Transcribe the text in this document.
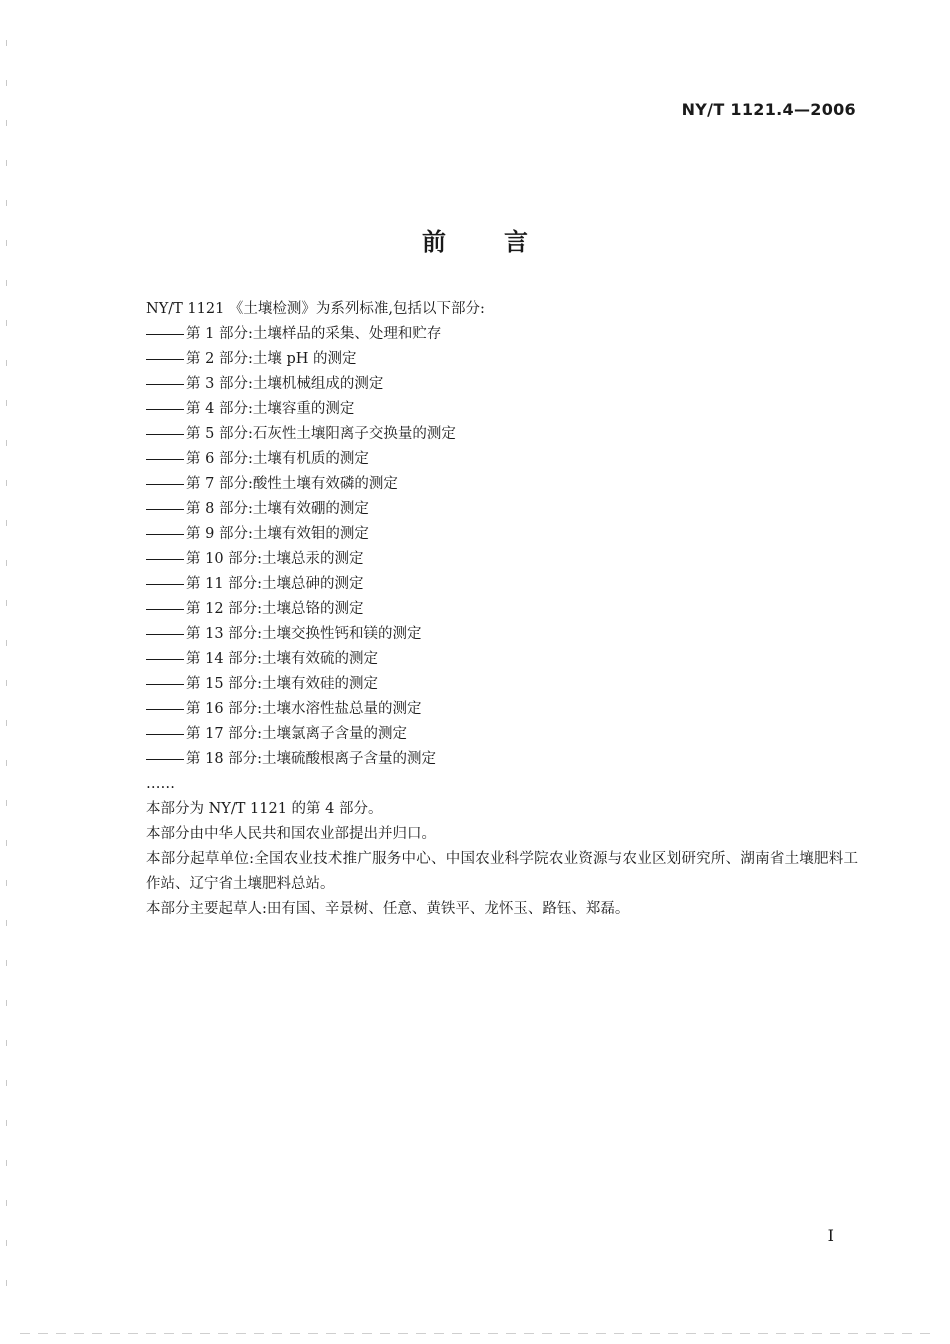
NY/T 1121.4—2006
前言

NY/T 1121 《土壤检测》为系列标准,包括以下部分:

第 1 部分:土壤样品的采集、处理和贮存
第 2 部分:土壤 pH 的测定
第 3 部分:土壤机械组成的测定
第 4 部分:土壤容重的测定
第 5 部分:石灰性土壤阳离子交换量的测定
第 6 部分:土壤有机质的测定
第 7 部分:酸性土壤有效磷的测定
第 8 部分:土壤有效硼的测定
第 9 部分:土壤有效钼的测定
第 10 部分:土壤总汞的测定
第 11 部分:土壤总砷的测定
第 12 部分:土壤总铬的测定
第 13 部分:土壤交换性钙和镁的测定
第 14 部分:土壤有效硫的测定
第 15 部分:土壤有效硅的测定
第 16 部分:土壤水溶性盐总量的测定
第 17 部分:土壤氯离子含量的测定
第 18 部分:土壤硫酸根离子含量的测定

……

本部分为 NY/T 1121 的第 4 部分。

本部分由中华人民共和国农业部提出并归口。

本部分起草单位:全国农业技术推广服务中心、中国农业科学院农业资源与农业区划研究所、湖南省土壤肥料工作站、辽宁省土壤肥料总站。

本部分主要起草人:田有国、辛景树、任意、黄铁平、龙怀玉、路钰、郑磊。

I
